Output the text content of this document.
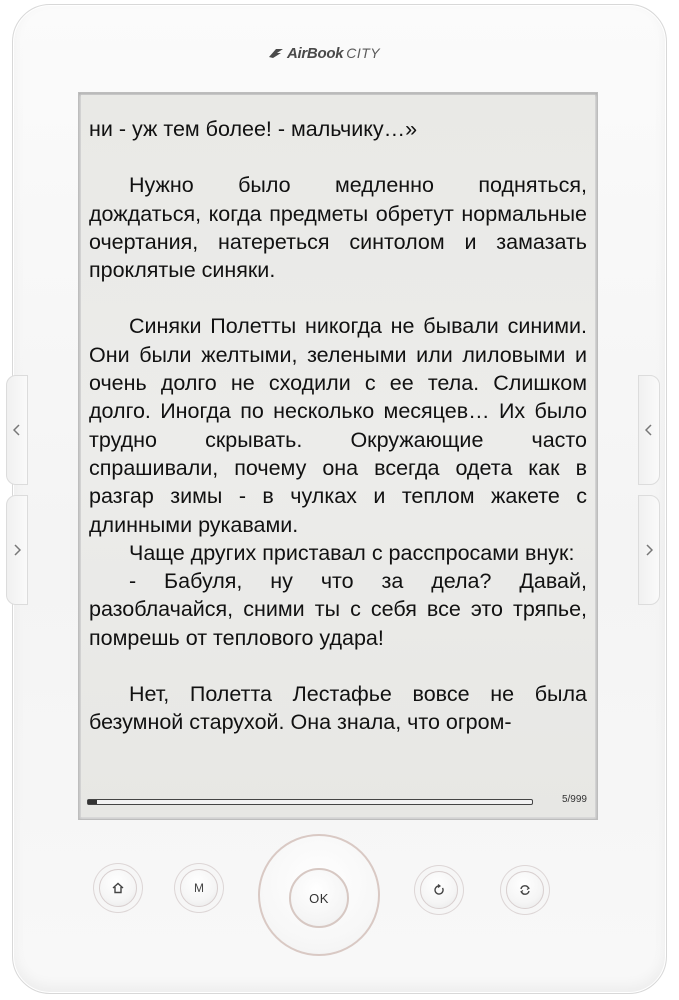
AirBook CITY

ни - уж тем более! - мальчику…»

Нужно было медленно подняться, дождаться, когда предметы обретут нормальные очертания, натереться синтолом и замазать проклятые синяки.

Синяки Полетты никогда не бывали синими. Они были желтыми, зелеными или лиловыми и очень долго не сходили с ее тела. Слишком долго. Иногда по несколько месяцев… Их было трудно скрывать. Окружающие часто спрашивали, почему она всегда одета как в разгар зимы - в чулках и теплом жакете с длинными рукавами.

Чаще других приставал с расспросами внук:

- Бабуля, ну что за дела? Давай, разоблачайся, сними ты с себя все это тряпье, помрешь от теплового удара!

Нет, Полетта Лестафье вовсе не была безумной старухой. Она знала, что огром-

5/999
M
OK
